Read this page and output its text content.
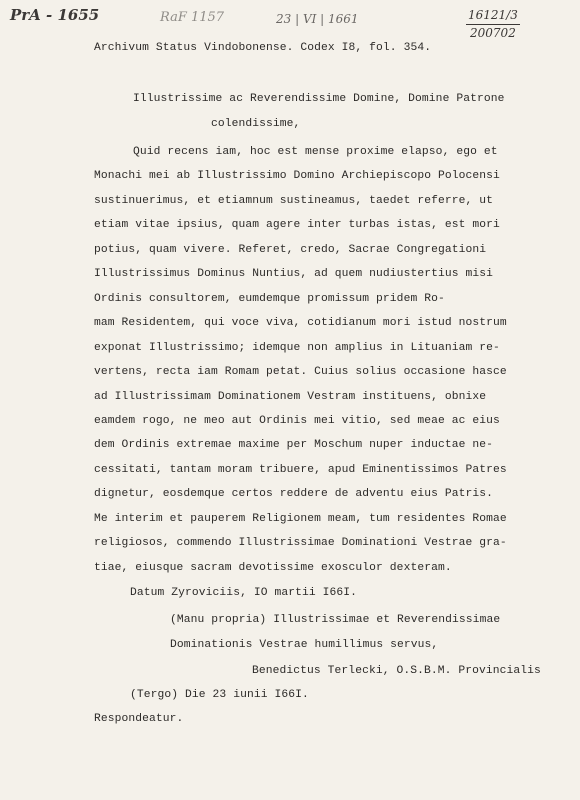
PrA - 1655	RaF 1157	23 | VI | 1661	16121/3
200702
Archivum Status Vindobonense. Codex I8, fol. 354.
Illustrissime ac Reverendissime Domine, Domine Patrone
colendissime,
Quid recens iam, hoc est mense proxime elapso, ego et
Monachi mei ab Illustrissimo Domino Archiepiscopo Polocensi
sustinuerimus, et etiamnum sustineamus, taedet referre, ut
etiam vitae ipsius, quam agere inter turbas istas, est mori
potius, quam vivere. Referet, credo, Sacrae Congregationi
Illustrissimus Dominus Nuntius, ad quem nudiustertius misi
Ordinis consultorem, eumdemque promissum pridem Ro-
mam Residentem, qui voce viva, cotidianum mori istud nostrum
exponat Illustrissimo; idemque non amplius in Lituaniam re-
vertens, recta iam Romam petat. Cuius solius occasione hasce
ad Illustrissimam Dominationem Vestram instituens, obnixe
eamdem rogo, ne meo aut Ordinis mei vitio, sed meae ac eius
dem Ordinis extremae maxime per Moschum nuper inductae ne-
cessitati, tantam moram tribuere, apud Eminentissimos Patres
dignetur, eosdemque certos reddere de adventu eius Patris.
Me interim et pauperem Religionem meam, tum residentes Romae
religiosos, commendo Illustrissimae Dominationi Vestrae gra-
tiae, eiusque sacram devotissime exosculor dexteram.
Datum Zyroviciis, IO martii I66I.
(Manu propria) Illustrissimae et Reverendissimae
Dominationis Vestrae humillimus servus,
Benedictus Terlecki, O.S.B.M. Provincialis
(Tergo) Die 23 iunii I66I.
Respondeatur.
